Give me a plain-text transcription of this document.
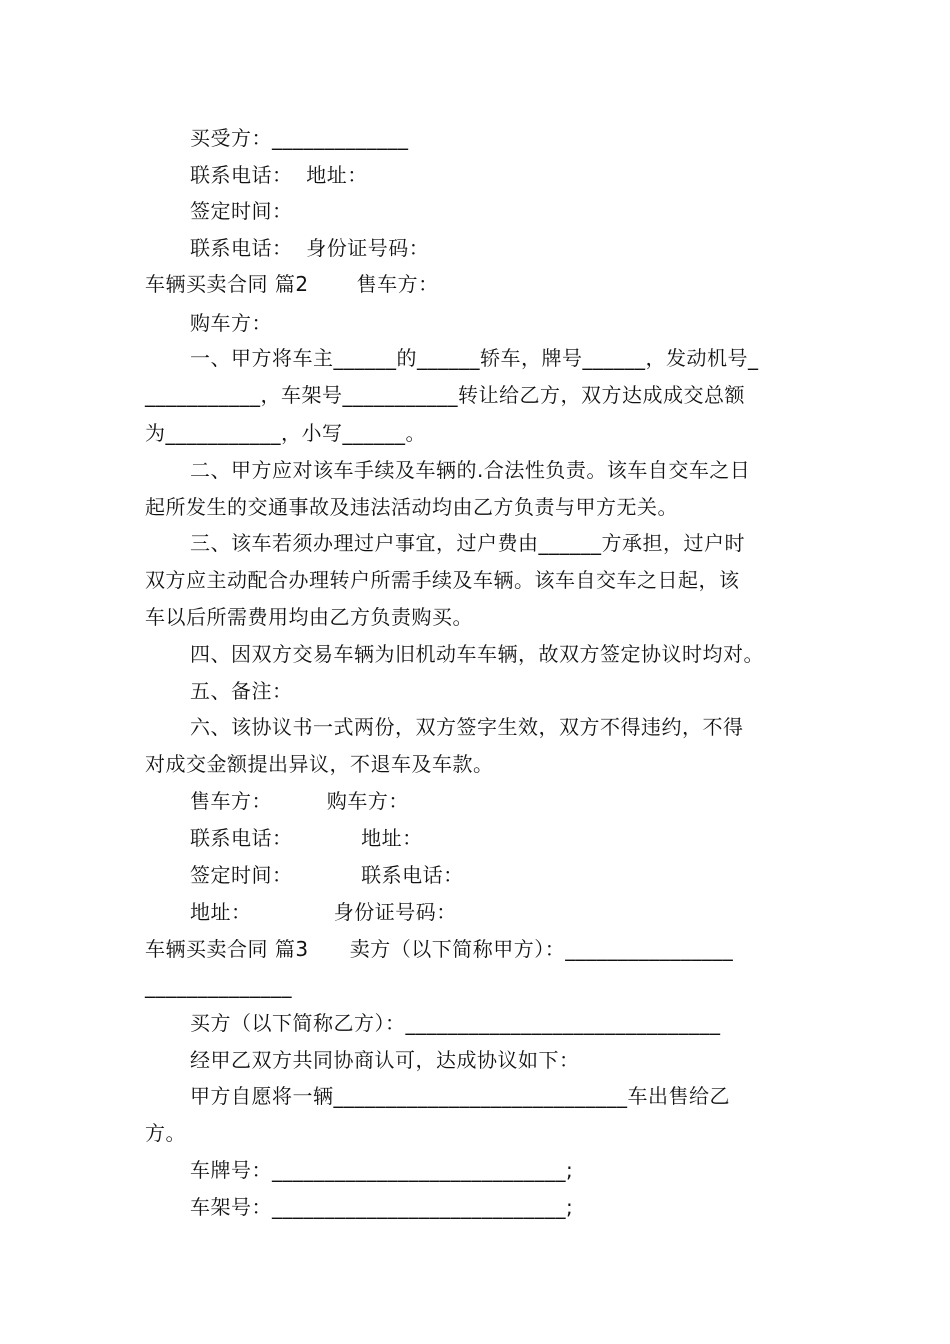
买受方：_____________
联系电话：  地址：
签定时间：
联系电话：  身份证号码：
车辆买卖合同 篇2       售车方：
购车方：
一、甲方将车主______的______轿车，牌号______，发动机号_
___________，车架号___________转让给乙方，双方达成成交总额
为___________，小写______。
二、甲方应对该车手续及车辆的.合法性负责。该车自交车之日
起所发生的交通事故及违法活动均由乙方负责与甲方无关。
三、该车若须办理过户事宜，过户费由______方承担，过户时
双方应主动配合办理转户所需手续及车辆。该车自交车之日起，该
车以后所需费用均由乙方负责购买。
四、因双方交易车辆为旧机动车车辆，故双方签定协议时均对。
五、备注：
六、该协议书一式两份，双方签字生效，双方不得违约，不得
对成交金额提出异议，不退车及车款。
售车方：        购车方：
联系电话：          地址：
签定时间：          联系电话：
地址：            身份证号码：
车辆买卖合同 篇3      卖方（以下简称甲方）：________________
______________
买方（以下简称乙方）：______________________________
经甲乙双方共同协商认可，达成协议如下：
甲方自愿将一辆____________________________车出售给乙
方。
车牌号：____________________________;
车架号：____________________________;
